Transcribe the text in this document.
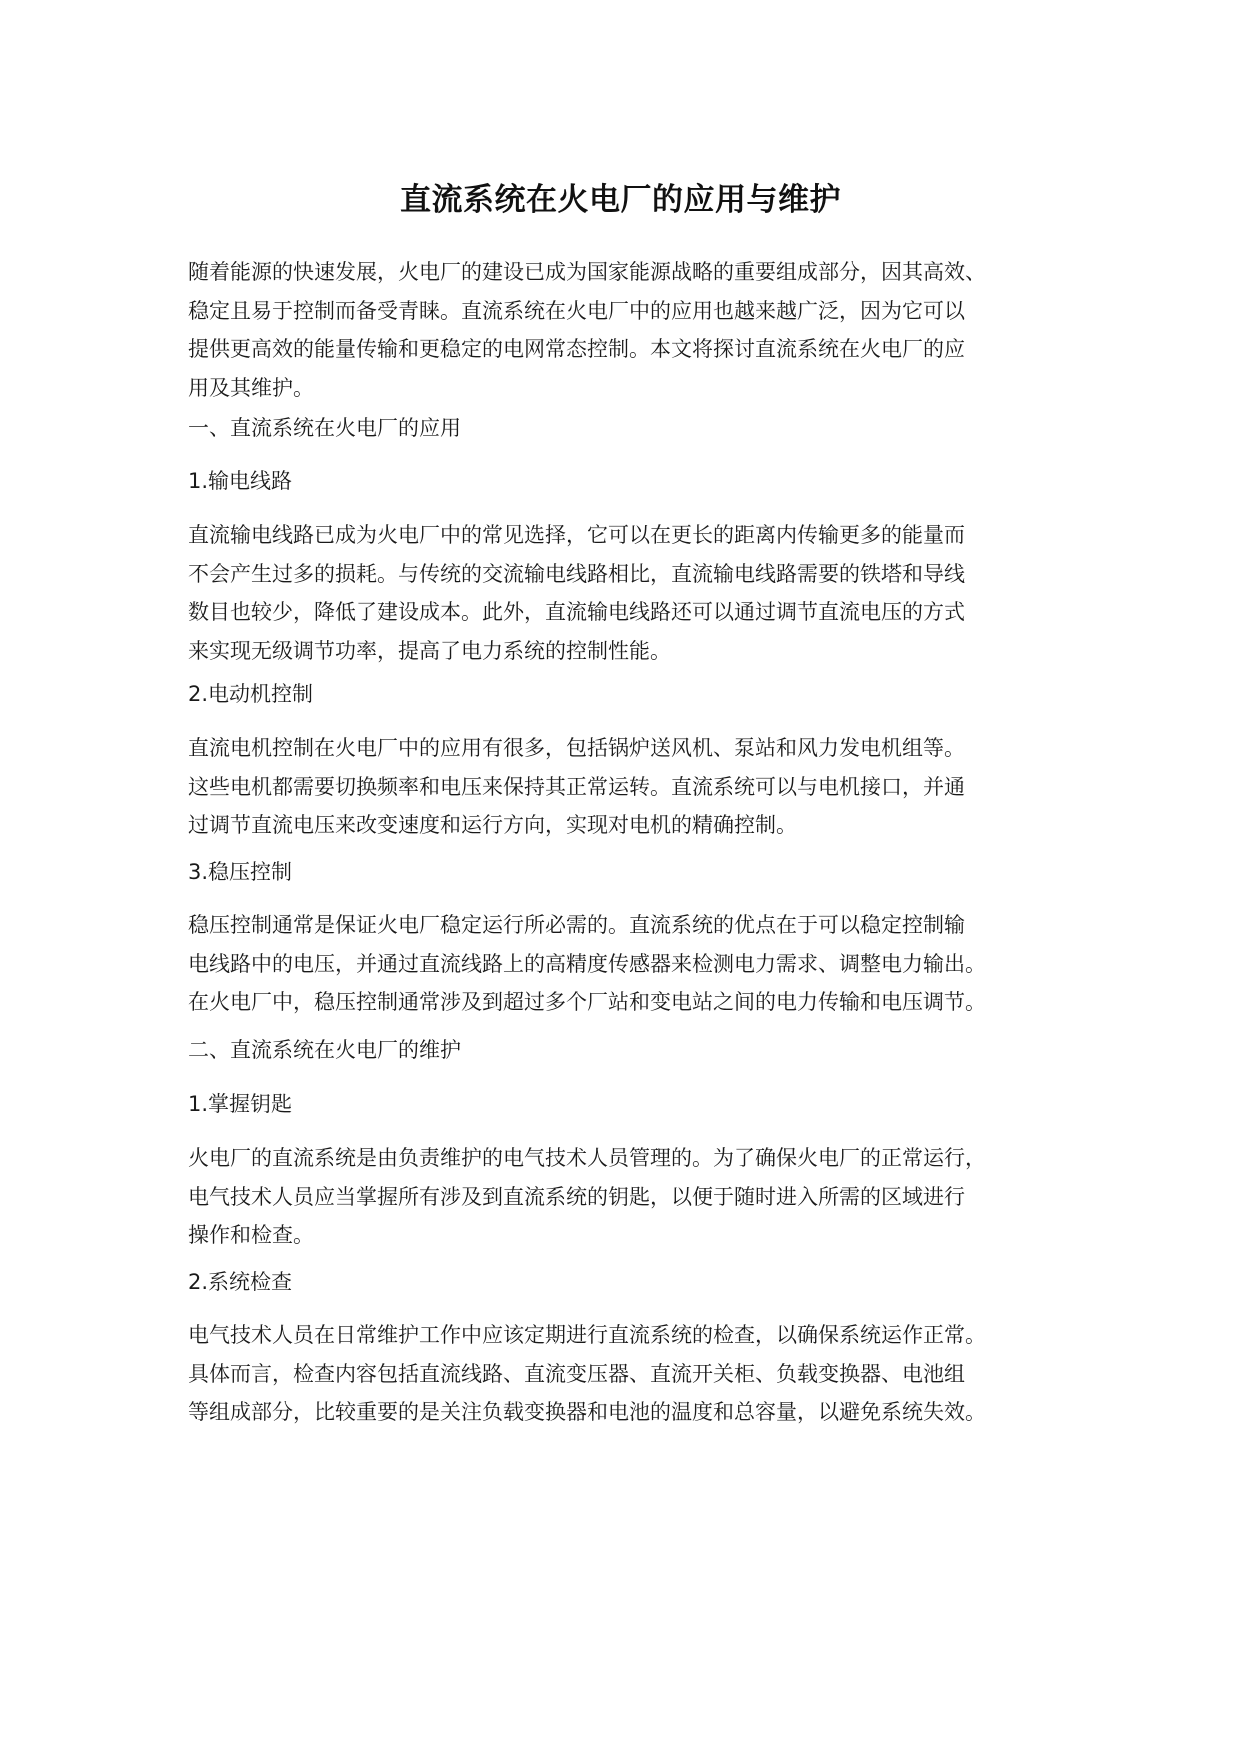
直流系统在火电厂的应用与维护
随着能源的快速发展，火电厂的建设已成为国家能源战略的重要组成部分，因其高效、
稳定且易于控制而备受青睐。直流系统在火电厂中的应用也越来越广泛，因为它可以
提供更高效的能量传输和更稳定的电网常态控制。本文将探讨直流系统在火电厂的应
用及其维护。
一、直流系统在火电厂的应用
1.输电线路
直流输电线路已成为火电厂中的常见选择，它可以在更长的距离内传输更多的能量而
不会产生过多的损耗。与传统的交流输电线路相比，直流输电线路需要的铁塔和导线
数目也较少，降低了建设成本。此外，直流输电线路还可以通过调节直流电压的方式
来实现无级调节功率，提高了电力系统的控制性能。
2.电动机控制
直流电机控制在火电厂中的应用有很多，包括锅炉送风机、泵站和风力发电机组等。
这些电机都需要切换频率和电压来保持其正常运转。直流系统可以与电机接口，并通
过调节直流电压来改变速度和运行方向，实现对电机的精确控制。
3.稳压控制
稳压控制通常是保证火电厂稳定运行所必需的。直流系统的优点在于可以稳定控制输
电线路中的电压，并通过直流线路上的高精度传感器来检测电力需求、调整电力输出。
在火电厂中，稳压控制通常涉及到超过多个厂站和变电站之间的电力传输和电压调节。
二、直流系统在火电厂的维护
1.掌握钥匙
火电厂的直流系统是由负责维护的电气技术人员管理的。为了确保火电厂的正常运行，
电气技术人员应当掌握所有涉及到直流系统的钥匙，以便于随时进入所需的区域进行
操作和检查。
2.系统检查
电气技术人员在日常维护工作中应该定期进行直流系统的检查，以确保系统运作正常。
具体而言，检查内容包括直流线路、直流变压器、直流开关柜、负载变换器、电池组
等组成部分，比较重要的是关注负载变换器和电池的温度和总容量，以避免系统失效。
